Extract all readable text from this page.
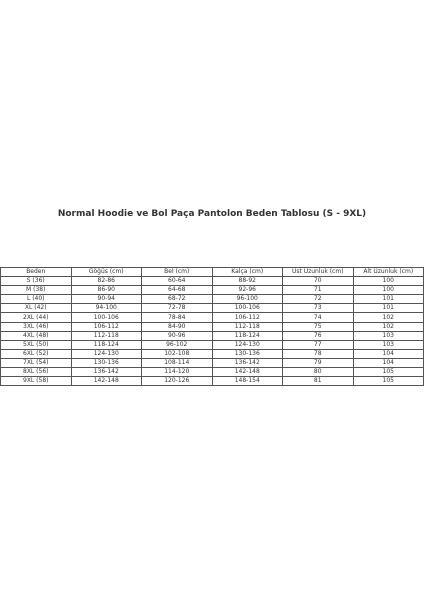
Normal Hoodie ve Bol Paça Pantolon Beden Tablosu (S - 9XL)
Beden	Göğüs (cm)	Bel (cm)	Kalça (cm)	Üst Uzunluk (cm)	Alt Uzunluk (cm)
S (36)	82-86	60-64	88-92	70	100
M (38)	86-90	64-68	92-96	71	100
L (40)	90-94	68-72	96-100	72	101
XL (42)	94-100	72-78	100-106	73	101
2XL (44)	100-106	78-84	106-112	74	102
3XL (46)	106-112	84-90	112-118	75	102
4XL (48)	112-118	90-96	118-124	76	103
5XL (50)	118-124	96-102	124-130	77	103
6XL (52)	124-130	102-108	130-136	78	104
7XL (54)	130-136	108-114	136-142	79	104
8XL (56)	136-142	114-120	142-148	80	105
9XL (58)	142-148	120-126	148-154	81	105
